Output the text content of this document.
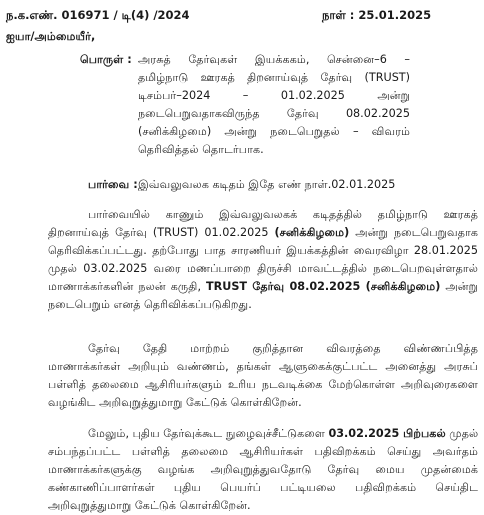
ந.க.எண். 016971 / டி(4) /2024	நாள் : 25.01.2025
ஐயா/அம்மையீர்,
பொருள் : அரசுத் தேர்வுகள் இயக்ககம், சென்னை–6 –
தமிழ்நாடு ஊரகத் திறனாய்வுத் தேர்வு (TRUST)
டிசம்பர்–2024 – 01.02.2025 அன்று
நடைபெறுவதாகவிருந்த தேர்வு 08.02.2025
(சனிக்கிழமை) அன்று நடைபெறுதல் – விவரம்
தெரிவித்தல் தொடர்பாக.
பார்வை : இவ்வலுவலக கடிதம் இதே எண் நாள்.02.01.2025
பார்வையில் காணும் இவ்வலுவலகக் கடிதத்தில் தமிழ்நாடு ஊரகத்
திறனாய்வுத் தேர்வு (TRUST) 01.02.2025 (சனிக்கிழமை) அன்று நடைபெறுவதாக
தெரிவிக்கப்பட்டது. தற்போது பாத சாரணியர் இயக்கத்தின் வைரவிழா 28.01.2025
முதல் 03.02.2025 வரை மணப்பாறை திருச்சி மாவட்டத்தில் நடைபெறவுள்ளதால்
மாணாக்கர்களின் நலன் கருதி, TRUST தேர்வு 08.02.2025 (சனிக்கிழமை) அன்று
நடைபெறும் எனத் தெரிவிக்கப்படுகிறது.
தேர்வு தேதி மாற்றம் குறித்தான விவரத்தை விண்ணப்பித்த
மாணாக்கர்கள் அறியும் வண்ணம், தங்கள் ஆளுகைக்குட்பட்ட அனைத்து அரசுப்
பள்ளித் தலைமை ஆசிரியர்களும் உரிய நடவடிக்கை மேற்கொள்ள அறிவுரைகளை
வழங்கிட அறிவுறுத்துமாறு கேட்டுக் கொள்கிறேன்.
மேலும், புதிய தேர்வுக்கூட நுழைவுச்சீட்டுகளை 03.02.2025 பிற்பகல் முதல்
சம்பந்தப்பட்ட பள்ளித் தலைமை ஆசிரியர்கள் பதிவிறக்கம் செய்து அவர்தம்
மாணாக்கர்களுக்கு வழங்க அறிவுறுத்துவதோடு தேர்வு மைய முதன்மைக்
கண்காணிப்பாளர்கள் புதிய பெயர்ப் பட்டியலை பதிவிறக்கம் செய்திட
அறிவுறுத்துமாறு கேட்டுக் கொள்கிறேன்.
